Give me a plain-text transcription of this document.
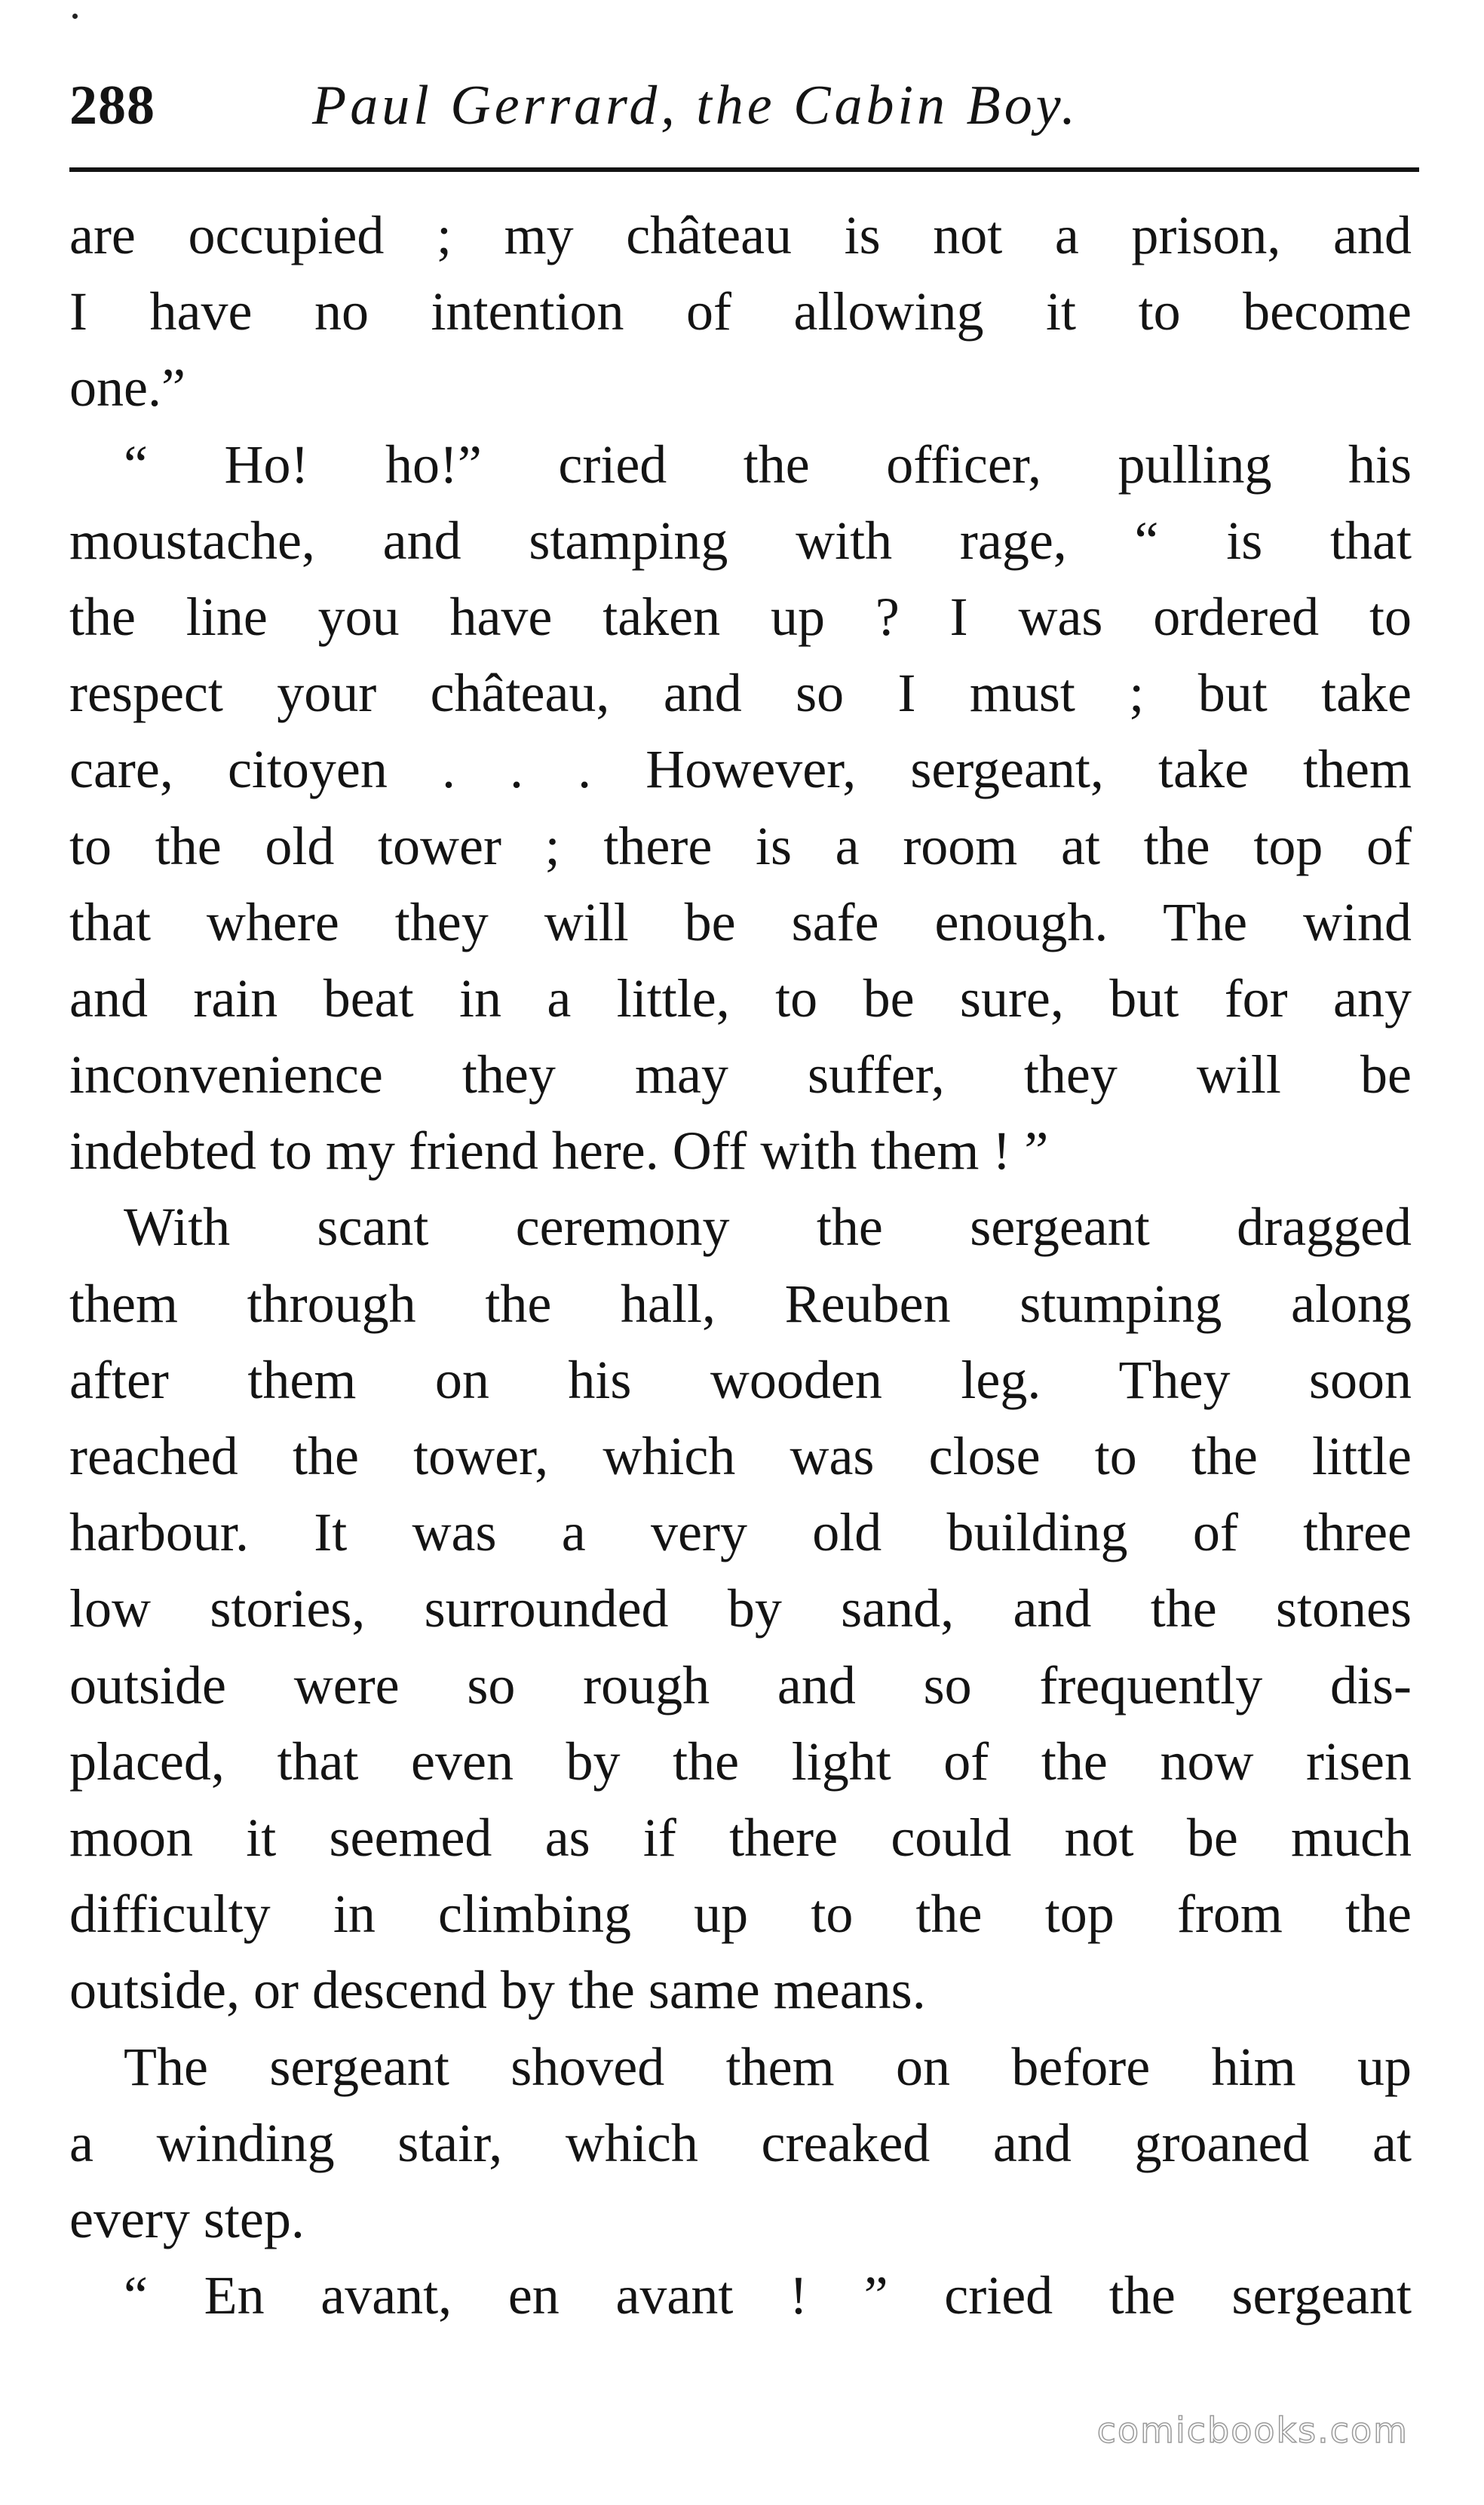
288	Paul Gerrard, the Cabin Boy.
are occupied ; my château is not a prison, and
I have no intention of allowing it to become
one.”
“ Ho! ho!” cried the officer, pulling his
moustache, and stamping with rage, “ is that
the line you have taken up ? I was ordered to
respect your château, and so I must ; but take
care, citoyen . . . However, sergeant, take them
to the old tower ; there is a room at the top of
that where they will be safe enough. The wind
and rain beat in a little, to be sure, but for any
inconvenience they may suffer, they will be
indebted to my friend here. Off with them ! ”
With scant ceremony the sergeant dragged
them through the hall, Reuben stumping along
after them on his wooden leg. They soon
reached the tower, which was close to the little
harbour. It was a very old building of three
low stories, surrounded by sand, and the stones
outside were so rough and so frequently dis-
placed, that even by the light of the now risen
moon it seemed as if there could not be much
difficulty in climbing up to the top from the
outside, or descend by the same means.
The sergeant shoved them on before him up
a winding stair, which creaked and groaned at
every step.
“ En avant, en avant ! ” cried the sergeant
comicbooks.com
